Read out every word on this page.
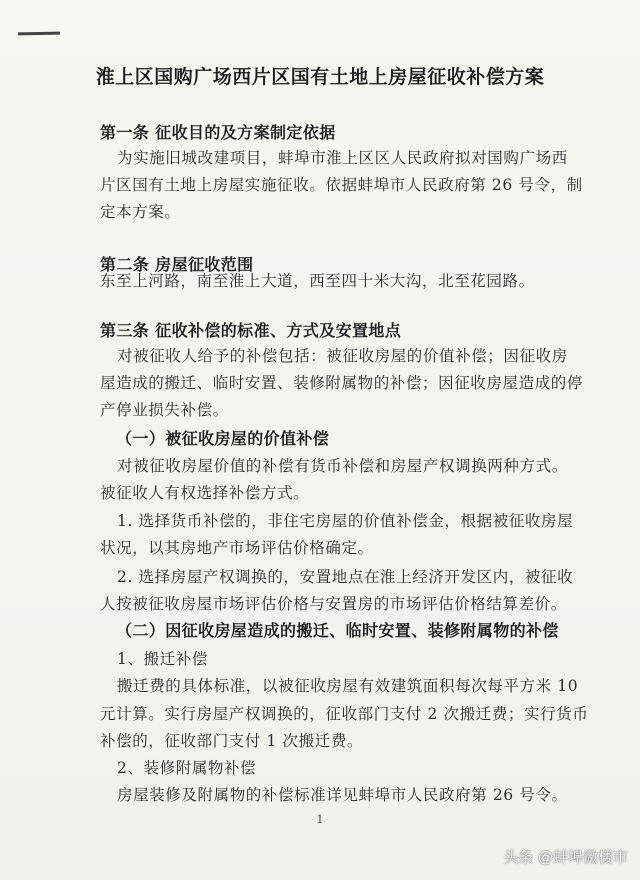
淮上区国购广场西片区国有土地上房屋征收补偿方案
第一条 征收目的及方案制定依据
为实施旧城改建项目，蚌埠市淮上区区人民政府拟对国购广场西
片区国有土地上房屋实施征收。依据蚌埠市人民政府第 26 号令，制
定本方案。
第二条 房屋征收范围
东至上河路，南至淮上大道，西至四十米大沟，北至花园路。
第三条 征收补偿的标准、方式及安置地点
对被征收人给予的补偿包括：被征收房屋的价值补偿；因征收房
屋造成的搬迁、临时安置、装修附属物的补偿；因征收房屋造成的停
产停业损失补偿。
（一）被征收房屋的价值补偿
对被征收房屋价值的补偿有货币补偿和房屋产权调换两种方式。
被征收人有权选择补偿方式。
1. 选择货币补偿的，非住宅房屋的价值补偿金，根据被征收房屋
状况，以其房地产市场评估价格确定。
2. 选择房屋产权调换的，安置地点在淮上经济开发区内，被征收
人按被征收房屋市场评估价格与安置房的市场评估价格结算差价。
（二）因征收房屋造成的搬迁、临时安置、装修附属物的补偿
1、搬迁补偿
搬迁费的具体标准，以被征收房屋有效建筑面积每次每平方米 10
元计算。实行房屋产权调换的，征收部门支付 2 次搬迁费；实行货币
补偿的，征收部门支付 1 次搬迁费。
2、装修附属物补偿
房屋装修及附属物的补偿标准详见蚌埠市人民政府第 26 号令。
1
头条 @蚌埠微楼市
